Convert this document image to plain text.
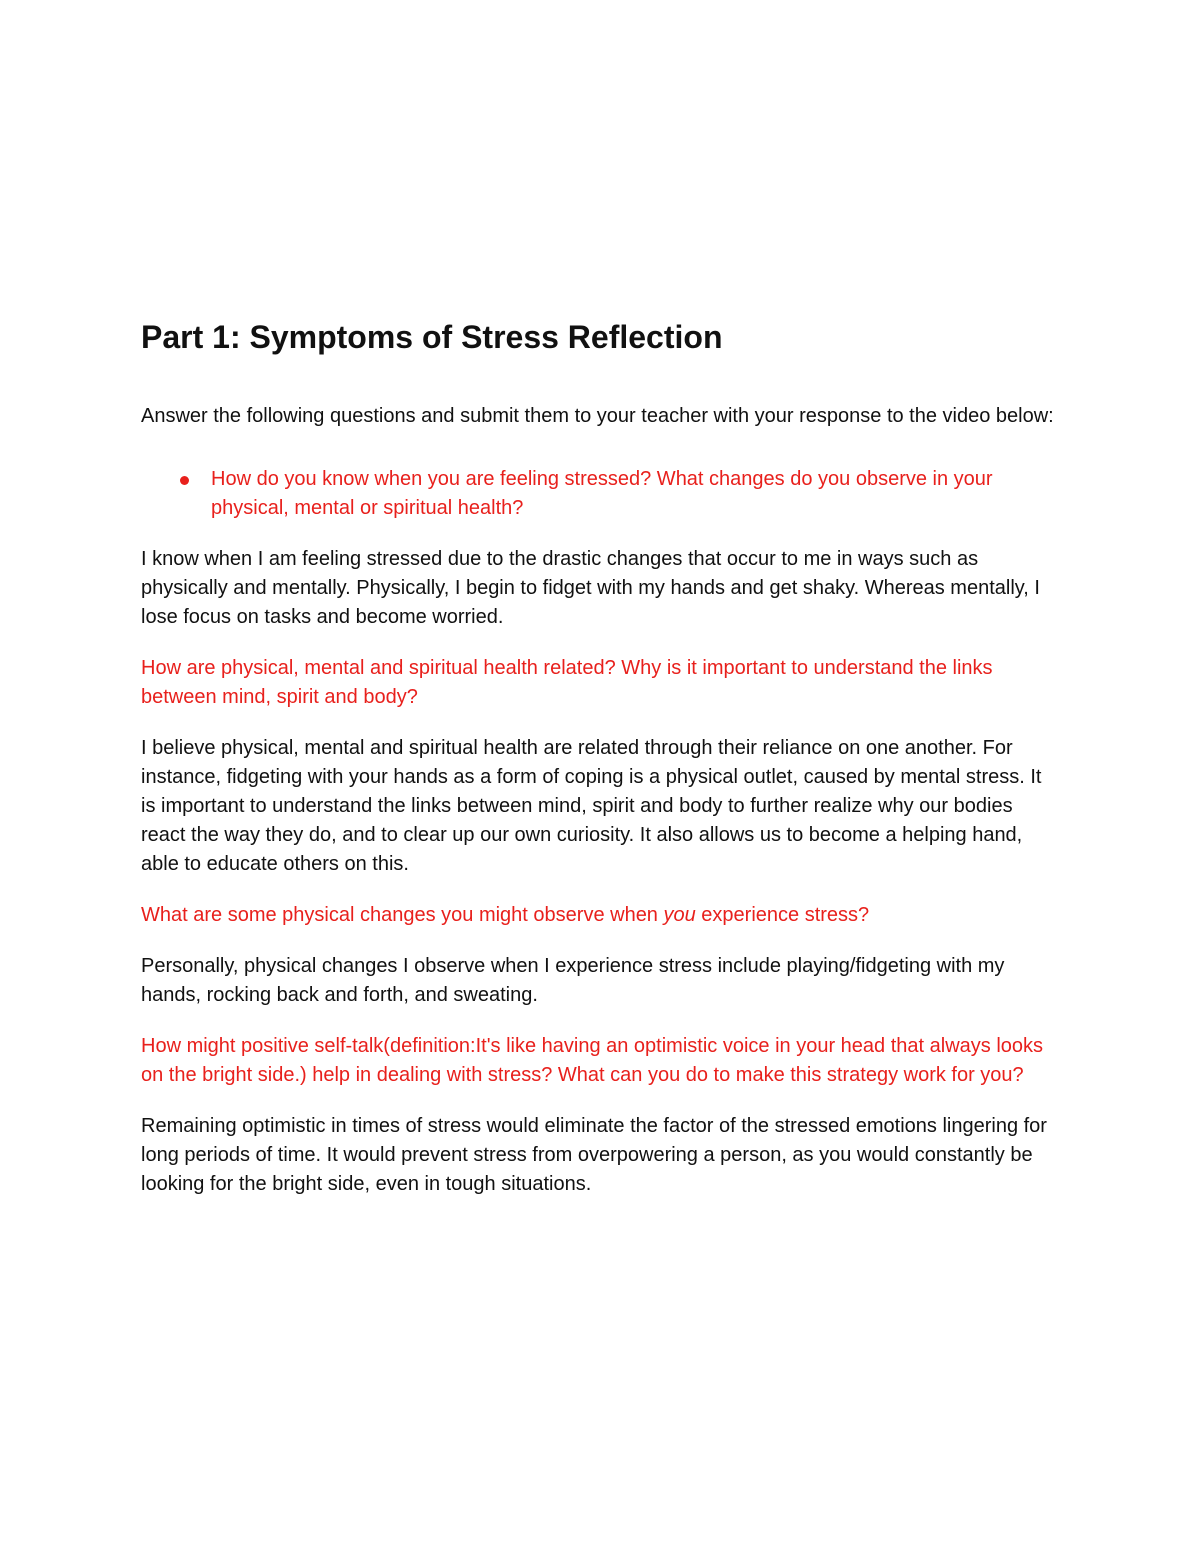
Part 1: Symptoms of Stress Reflection

Answer the following questions and submit them to your teacher with your response to the video below:

How do you know when you are feeling stressed? What changes do you observe in your physical, mental or spiritual health?

I know when I am feeling stressed due to the drastic changes that occur to me in ways such as physically and mentally. Physically, I begin to fidget with my hands and get shaky. Whereas mentally, I lose focus on tasks and become worried.

How are physical, mental and spiritual health related? Why is it important to understand the links between mind, spirit and body?

I believe physical, mental and spiritual health are related through their reliance on one another. For instance, fidgeting with your hands as a form of coping is a physical outlet, caused by mental stress. It is important to understand the links between mind, spirit and body to further realize why our bodies react the way they do, and to clear up our own curiosity. It also allows us to become a helping hand, able to educate others on this.

What are some physical changes you might observe when you experience stress?

Personally, physical changes I observe when I experience stress include playing/fidgeting with my hands, rocking back and forth, and sweating.

How might positive self-talk(definition:It's like having an optimistic voice in your head that always looks on the bright side.) help in dealing with stress? What can you do to make this strategy work for you?

Remaining optimistic in times of stress would eliminate the factor of the stressed emotions lingering for long periods of time. It would prevent stress from overpowering a person, as you would constantly be looking for the bright side, even in tough situations.
